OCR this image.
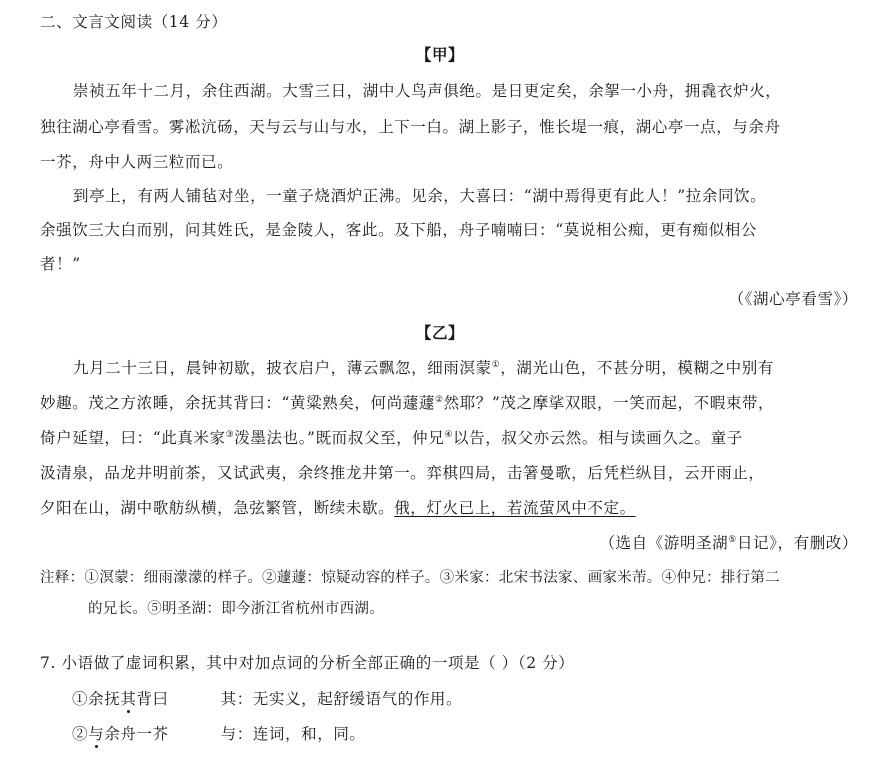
二、文言文阅读（14 分）
【甲】
崇祯五年十二月，余住西湖。大雪三日，湖中人鸟声俱绝。是日更定矣，余挐一小舟，拥毳衣炉火，
独往湖心亭看雪。雾凇沆砀，天与云与山与水，上下一白。湖上影子，惟长堤一痕，湖心亭一点，与余舟
一芥，舟中人两三粒而已。
到亭上，有两人铺毡对坐，一童子烧酒炉正沸。见余，大喜曰：“湖中焉得更有此人！”拉余同饮。
余强饮三大白而别，问其姓氏，是金陵人，客此。及下船，舟子喃喃曰：“莫说相公痴，更有痴似相公
者！”
（《湖心亭看雪》）
【乙】
九月二十三日，晨钟初歇，披衣启户，薄云飘忽，细雨溟蒙①，湖光山色，不甚分明，模糊之中别有
妙趣。茂之方浓睡，余抚其背曰：“黄粱熟矣，何尚蘧蘧②然耶？”茂之摩挲双眼，一笑而起，不暇束带，
倚户延望，曰：“此真米家③泼墨法也。”既而叔父至，仲兄④以告，叔父亦云然。相与读画久之。童子
汲清泉，品龙井明前茶，又试武夷，余终推龙井第一。弈棋四局，击箸曼歌，后凭栏纵目，云开雨止，
夕阳在山，湖中歌舫纵横，急弦繁管，断续未歇。俄，灯火已上，若流萤风中不定。
（选自《游明圣湖⑤日记》，有删改）
注释：①溟蒙：细雨濛濛的样子。②蘧蘧：惊疑动容的样子。③米家：北宋书法家、画家米芾。④仲兄：排行第二
的兄长。⑤明圣湖：即今浙江省杭州市西湖。
7. 小语做了虚词积累，其中对加点词的分析全部正确的一项是（ ）（2 分）
①余抚其背曰	其：无实义，起舒缓语气的作用。
②与余舟一芥	与：连词，和，同。
